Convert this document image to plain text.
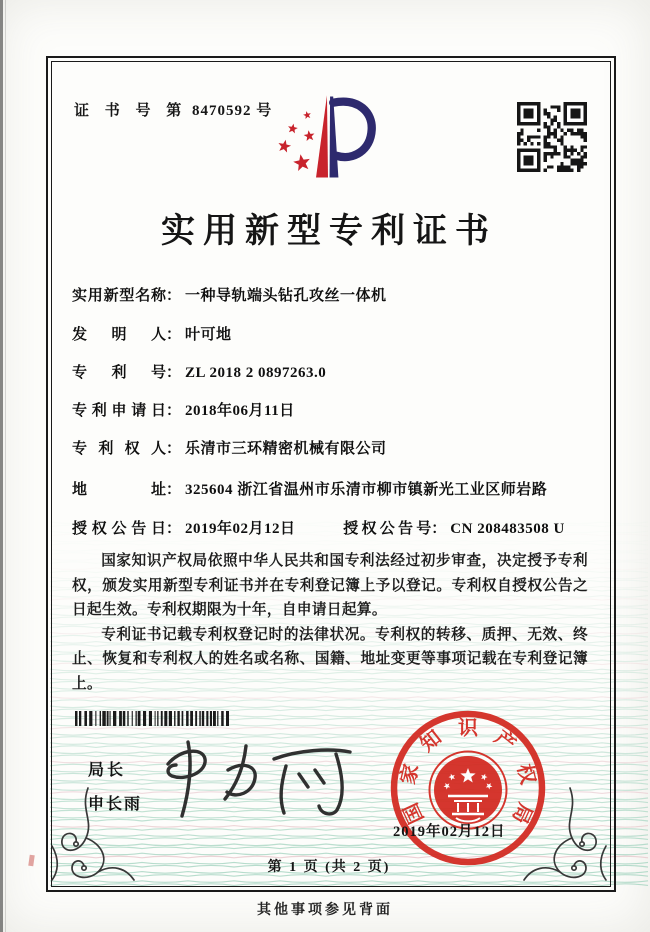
证 书 号 第 8470592 号
实用新型专利证书
实用新型名称： 一种导轨端头钻孔攻丝一体机
发明人： 叶可地
专利号： ZL 2018 2 0897263.0
专利申请日： 2018年06月11日
专利权人： 乐清市三环精密机械有限公司
地址： 325604 浙江省温州市乐清市柳市镇新光工业区师岩路
授权公告日： 2019年02月12日	授权公告号： CN 208483508 U

国家知识产权局依照中华人民共和国专利法经过初步审查，决定授予专利权，颁发实用新型专利证书并在专利登记簿上予以登记。专利权自授权公告之日起生效。专利权期限为十年，自申请日起算。

专利证书记载专利权登记时的法律状况。专利权的转移、质押、无效、终止、恢复和专利权人的姓名或名称、国籍、地址变更等事项记载在专利登记簿上。

局长
申长雨	国
家
知 识 产
权
局
2019年02月12日
第 1 页 (共 2 页)
其他事项参见背面
